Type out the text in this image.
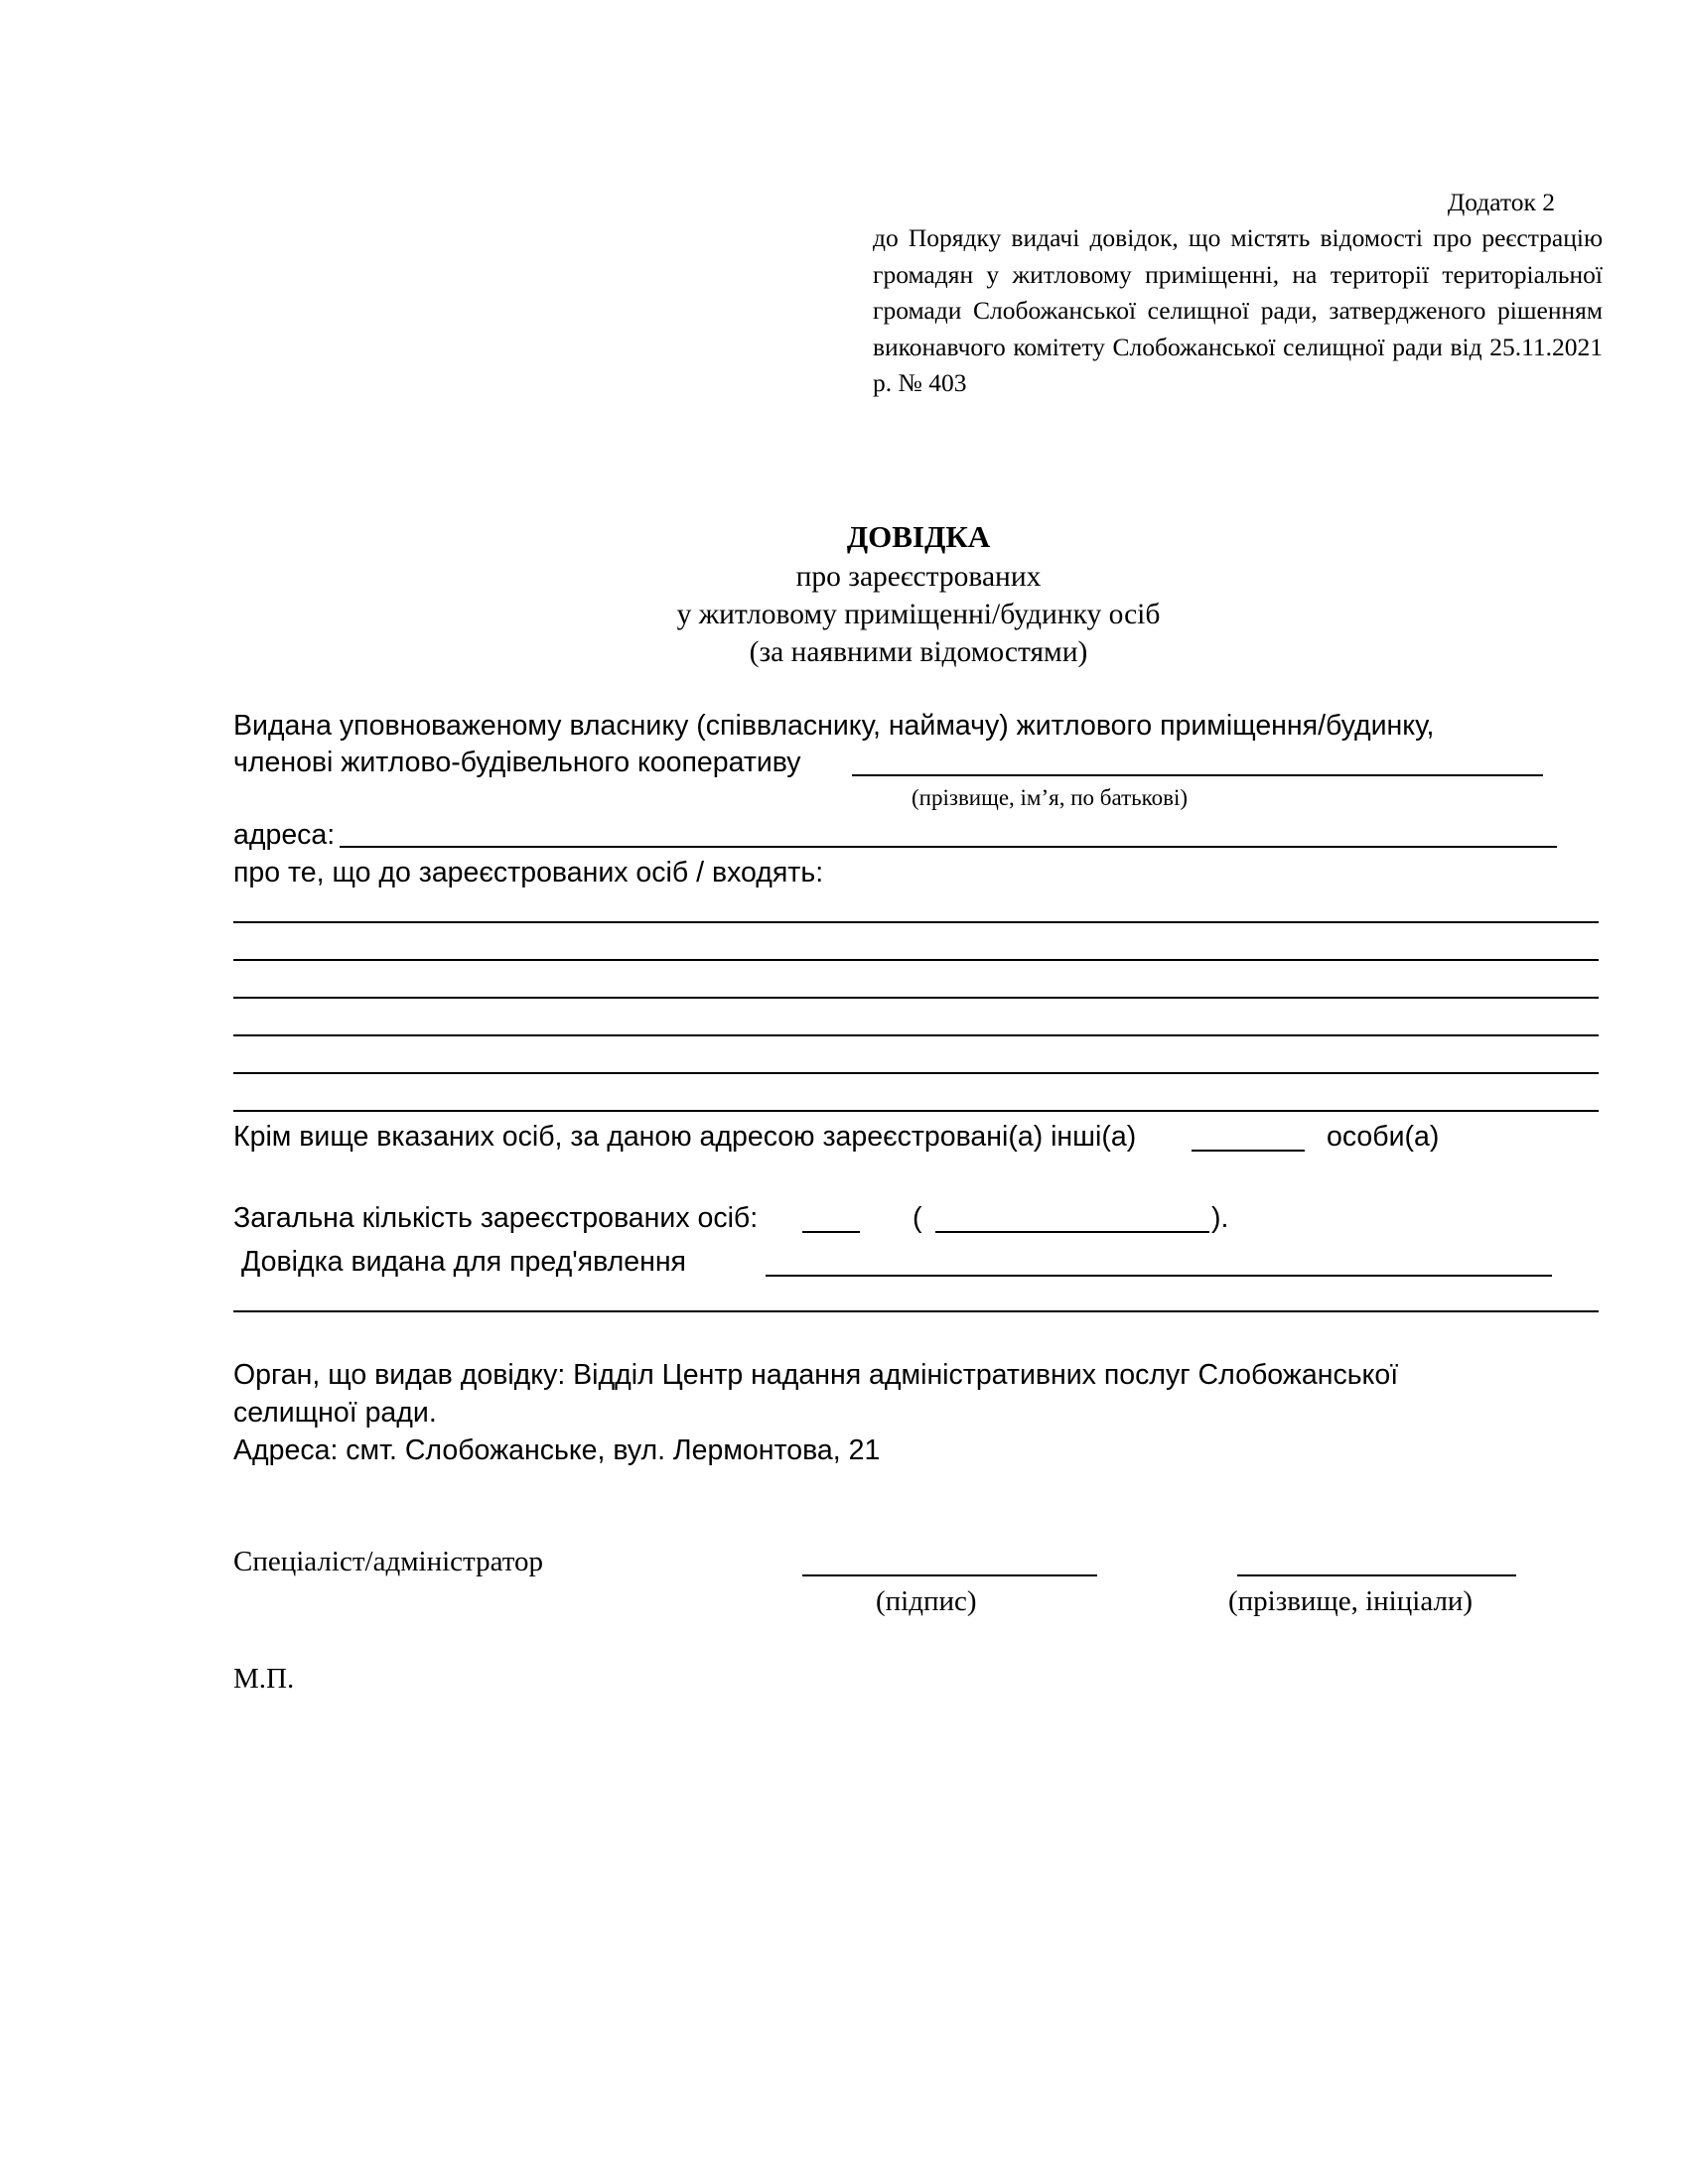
Додаток 2
до Порядку видачі довідок, що містять відомості про реєстрацію громадян у житловому приміщенні, на території територіальної громади Слобожанської селищної ради, затвердженого рішенням виконавчого комітету Слобожанської селищної ради від 25.11.2021 р. № 403
ДОВІДКА
про зареєстрованих
у житловому приміщенні/будинку осіб
(за наявними відомостями)
Видана уповноваженому власнику (співвласнику, наймачу) житлового приміщення/будинку,
членові житлово-будівельного кооперативу
(прізвище, ім’я, по батькові)
адреса:
про те, що до зареєстрованих осіб / входять:
Крім вище вказаних осіб, за даною адресою зареєстровані(а) інші(а)	особи(а)
Загальна кількість зареєстрованих осіб:	(	).
Довідка видана для пред'явлення
Орган, що видав довідку: Відділ Центр надання адміністративних послуг Слобожанської
селищної ради.
Адреса: смт. Слобожанське, вул. Лермонтова, 21
Спеціаліст/адміністратор
(підпис)	(прізвище, ініціали)
М.П.
